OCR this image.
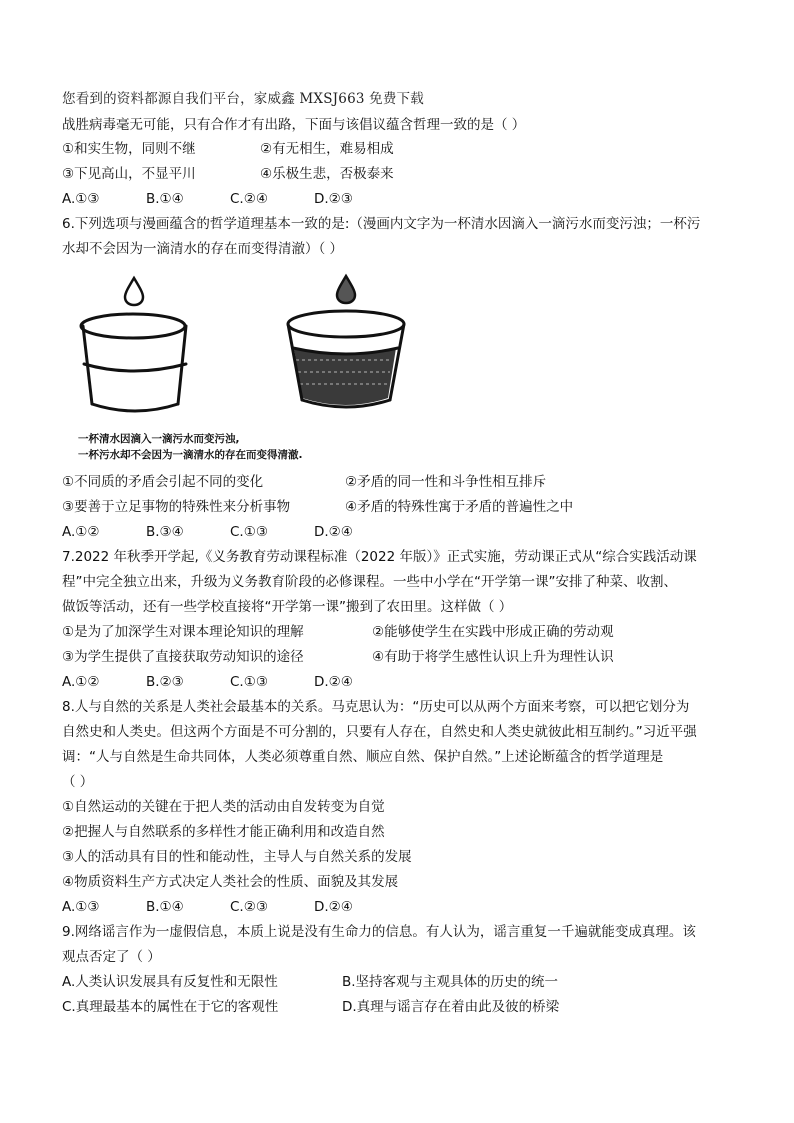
您看到的资料都源自我们平台，家威鑫 MXSJ663 免费下载
战胜病毒毫无可能，只有合作才有出路，下面与该倡议蕴含哲理一致的是（ ）
①和实生物，同则不继	②有无相生，难易相成
③下见高山，不显平川	④乐极生悲，否极泰来
A.①③	B.①④	C.②④	D.②③
6.下列选项与漫画蕴含的哲学道理基本一致的是:（漫画内文字为一杯清水因滴入一滴污水而变污浊；一杯污
水却不会因为一滴清水的存在而变得清澈）（ ）
一杯清水因滴入一滴污水而变污浊,
一杯污水却不会因为一滴清水的存在而变得清澈.
①不同质的矛盾会引起不同的变化	②矛盾的同一性和斗争性相互排斥
③要善于立足事物的特殊性来分析事物	④矛盾的特殊性寓于矛盾的普遍性之中
A.①②	B.③④	C.①③	D.②④
7.2022 年秋季开学起,《义务教育劳动课程标准（2022 年版）》正式实施，劳动课正式从“综合实践活动课
程”中完全独立出来，升级为义务教育阶段的必修课程。一些中小学在“开学第一课”安排了种菜、收割、
做饭等活动，还有一些学校直接将“开学第一课”搬到了农田里。这样做（ ）
①是为了加深学生对课本理论知识的理解	②能够使学生在实践中形成正确的劳动观
③为学生提供了直接获取劳动知识的途径	④有助于将学生感性认识上升为理性认识
A.①②	B.②③	C.①③	D.②④
8.人与自然的关系是人类社会最基本的关系。马克思认为：“历史可以从两个方面来考察，可以把它划分为
自然史和人类史。但这两个方面是不可分割的，只要有人存在，自然史和人类史就彼此相互制约。”习近平强
调：“人与自然是生命共同体，人类必须尊重自然、顺应自然、保护自然。”上述论断蕴含的哲学道理是
（ ）
①自然运动的关键在于把人类的活动由自发转变为自觉
②把握人与自然联系的多样性才能正确利用和改造自然
③人的活动具有目的性和能动性，主导人与自然关系的发展
④物质资料生产方式决定人类社会的性质、面貌及其发展
A.①③	B.①④	C.②③	D.②④
9.网络谣言作为一虚假信息，本质上说是没有生命力的信息。有人认为，谣言重复一千遍就能变成真理。该
观点否定了（ ）
A.人类认识发展具有反复性和无限性	B.坚持客观与主观具体的历史的统一
C.真理最基本的属性在于它的客观性	D.真理与谣言存在着由此及彼的桥梁
